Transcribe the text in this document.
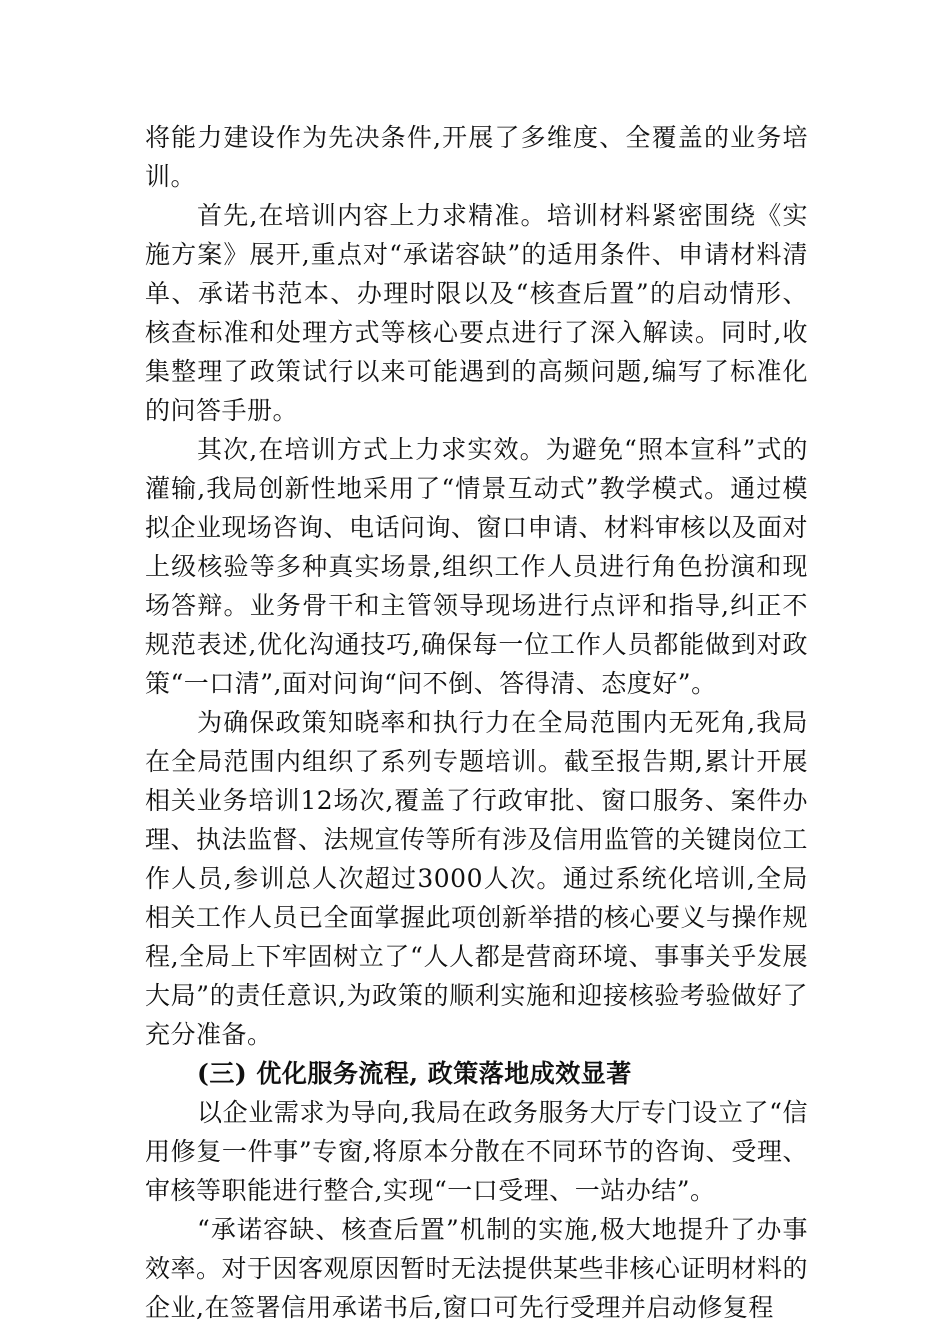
将能力建设作为先决条件,开展了多维度、全覆盖的业务培训。

首先,在培训内容上力求精准。培训材料紧密围绕《实施方案》展开,重点对“承诺容缺”的适用条件、申请材料清单、承诺书范本、办理时限以及“核查后置”的启动情形、核查标准和处理方式等核心要点进行了深入解读。同时,收集整理了政策试行以来可能遇到的高频问题,编写了标准化的问答手册。

其次,在培训方式上力求实效。为避免“照本宣科”式的灌输,我局创新性地采用了“情景互动式”教学模式。通过模拟企业现场咨询、电话问询、窗口申请、材料审核以及面对上级核验等多种真实场景,组织工作人员进行角色扮演和现场答辩。业务骨干和主管领导现场进行点评和指导,纠正不规范表述,优化沟通技巧,确保每一位工作人员都能做到对政策“一口清”,面对问询“问不倒、答得清、态度好”。

为确保政策知晓率和执行力在全局范围内无死角,我局在全局范围内组织了系列专题培训。截至报告期,累计开展相关业务培训12场次,覆盖了行政审批、窗口服务、案件办理、执法监督、法规宣传等所有涉及信用监管的关键岗位工作人员,参训总人次超过3000人次。通过系统化培训,全局相关工作人员已全面掌握此项创新举措的核心要义与操作规程,全局上下牢固树立了“人人都是营商环境、事事关乎发展大局”的责任意识,为政策的顺利实施和迎接核验考验做好了充分准备。

(三) 优化服务流程, 政策落地成效显著

以企业需求为导向,我局在政务服务大厅专门设立了“信用修复一件事”专窗,将原本分散在不同环节的咨询、受理、审核等职能进行整合,实现“一口受理、一站办结”。

“承诺容缺、核查后置”机制的实施,极大地提升了办事效率。对于因客观原因暂时无法提供某些非核心证明材料的企业,在签署信用承诺书后,窗口可先行受理并启动修复程
